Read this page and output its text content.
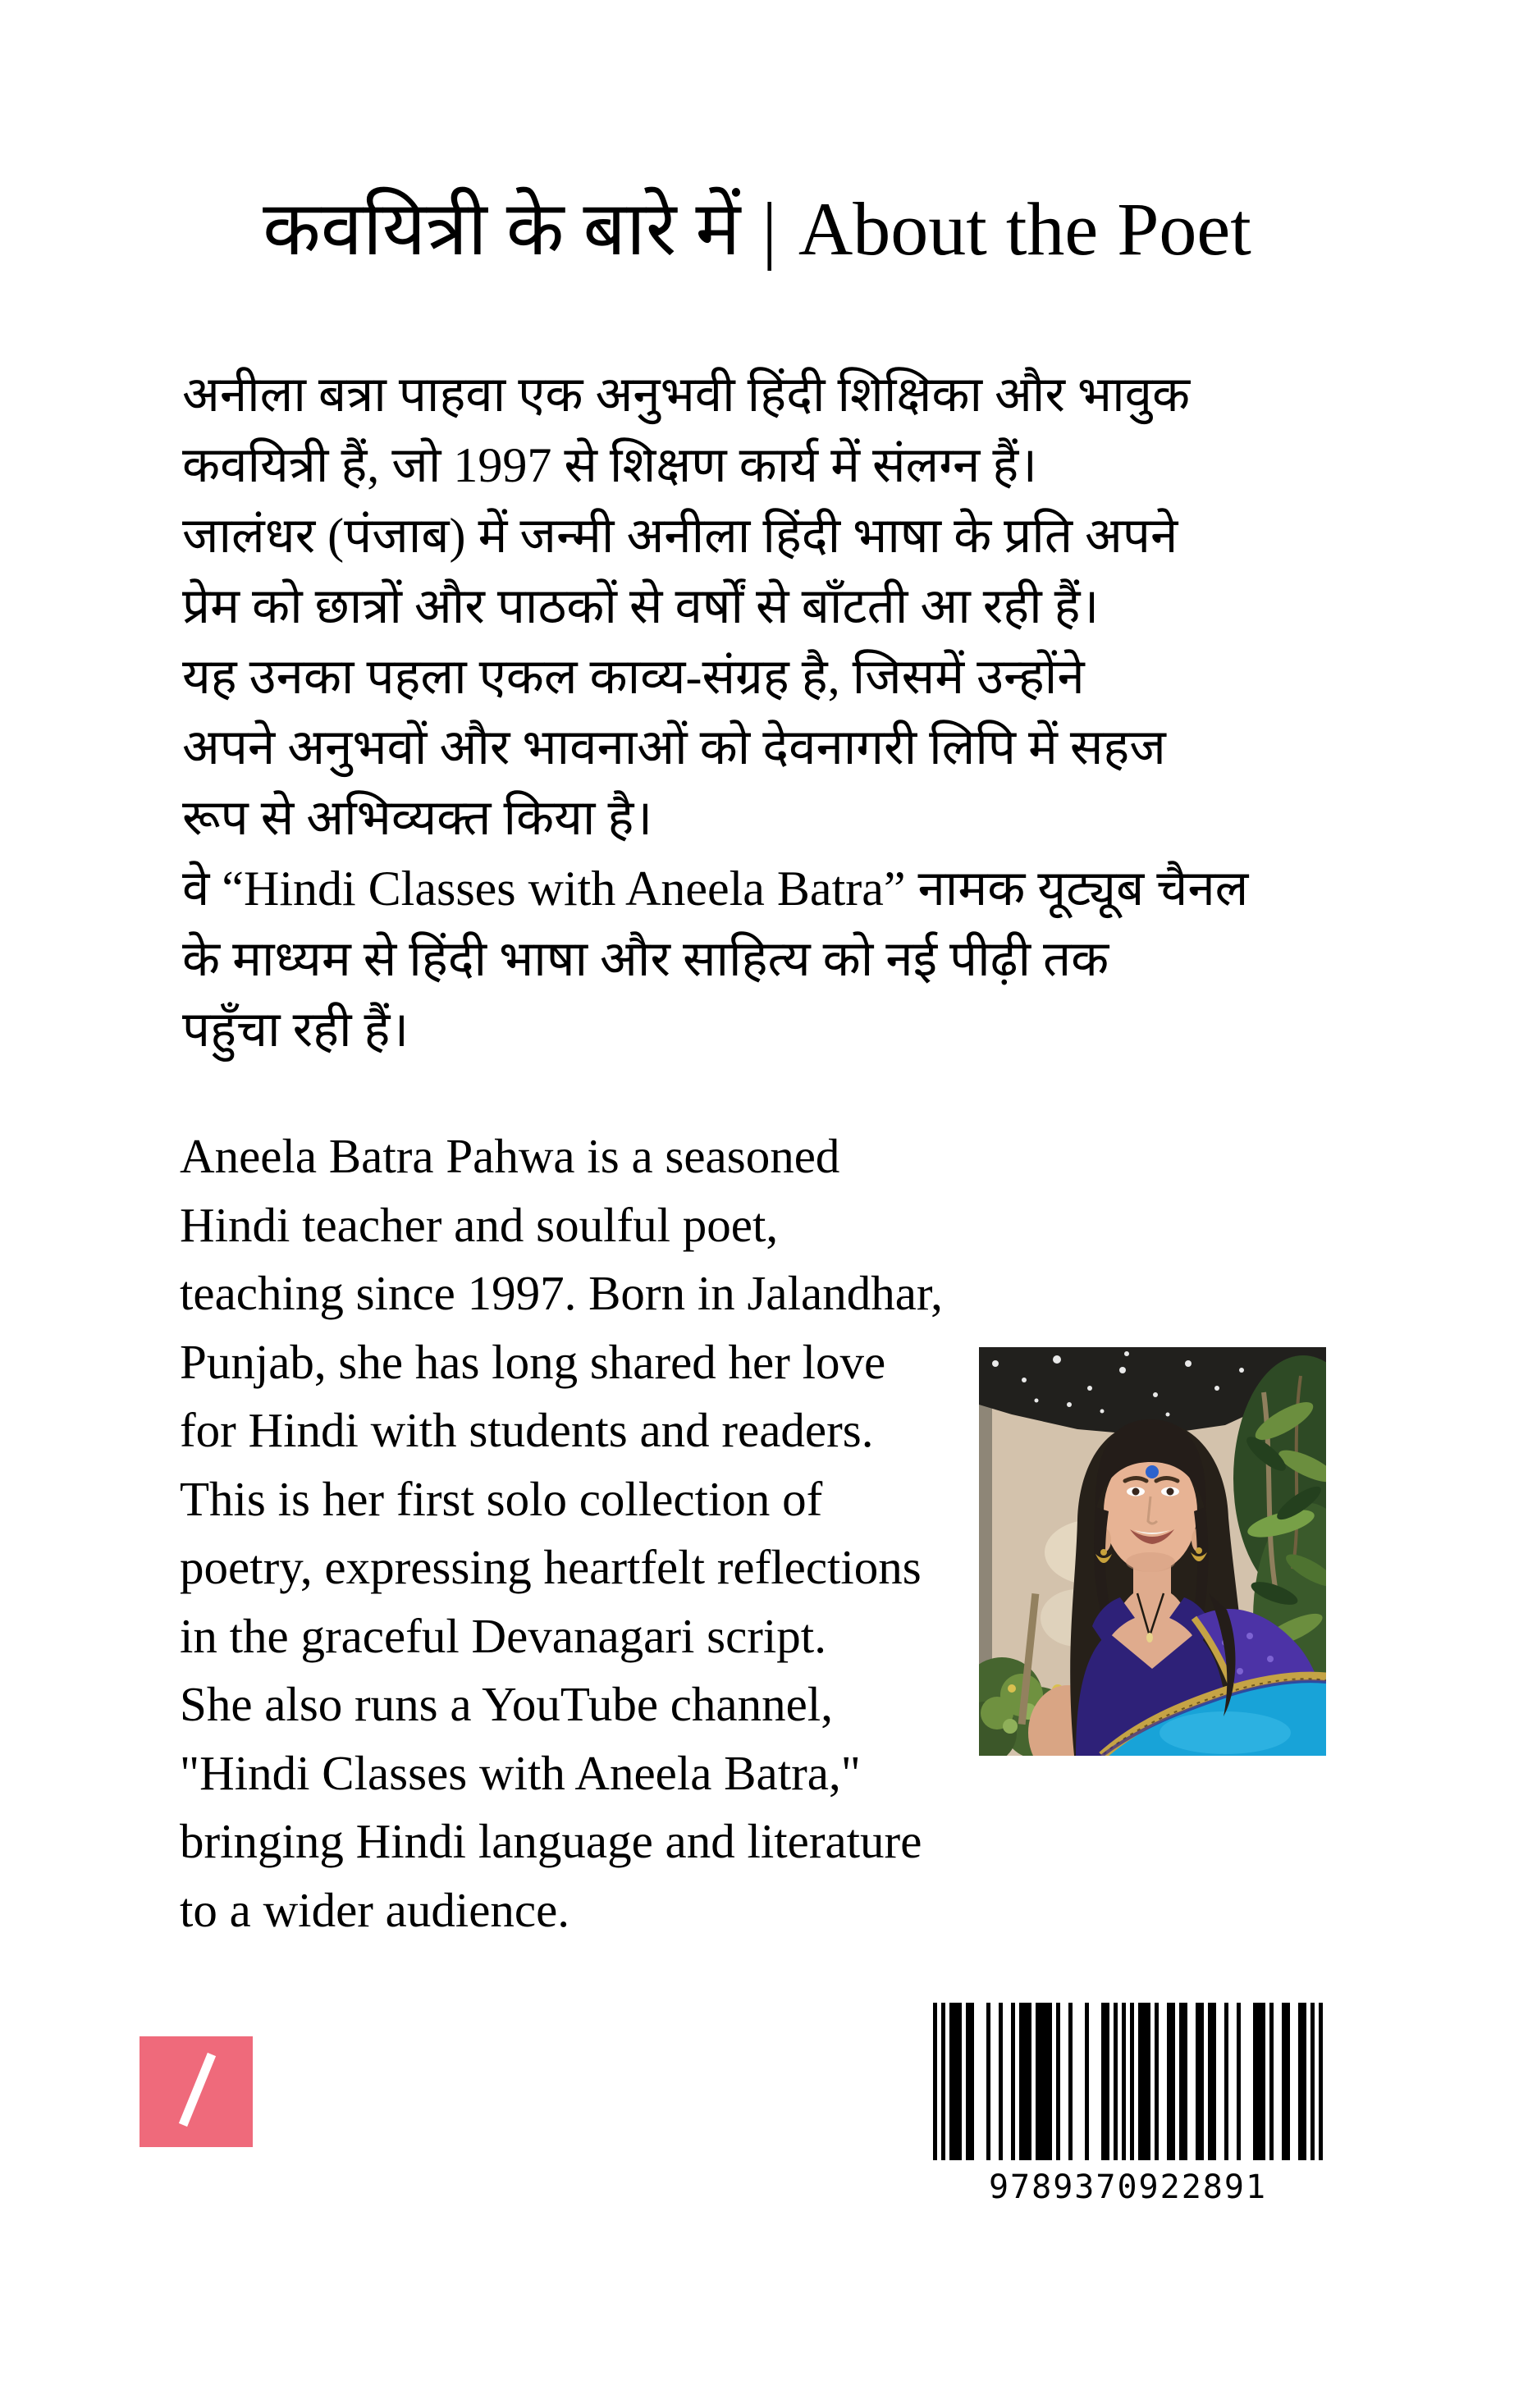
कवयित्री के बारे में | About the Poet
अनीला बत्रा पाहवा एक अनुभवी हिंदी शिक्षिका और भावुक
कवयित्री हैं, जो 1997 से शिक्षण कार्य में संलग्न हैं।
जालंधर (पंजाब) में जन्मी अनीला हिंदी भाषा के प्रति अपने
प्रेम को छात्रों और पाठकों से वर्षों से बाँटती आ रही हैं।
यह उनका पहला एकल काव्य-संग्रह है, जिसमें उन्होंने
अपने अनुभवों और भावनाओं को देवनागरी लिपि में सहज
रूप से अभिव्यक्त किया है।
वे “Hindi Classes with Aneela Batra” नामक यूट्यूब चैनल
के माध्यम से हिंदी भाषा और साहित्य को नई पीढ़ी तक
पहुँचा रही हैं।
Aneela Batra Pahwa is a seasoned
Hindi teacher and soulful poet,
teaching since 1997. Born in Jalandhar,
Punjab, she has long shared her love
for Hindi with students and readers.
This is her first solo collection of
poetry, expressing heartfelt reflections
in the graceful Devanagari script.
She also runs a YouTube channel,
"Hindi Classes with Aneela Batra,"
bringing Hindi language and literature
to a wider audience.
9789370922891
